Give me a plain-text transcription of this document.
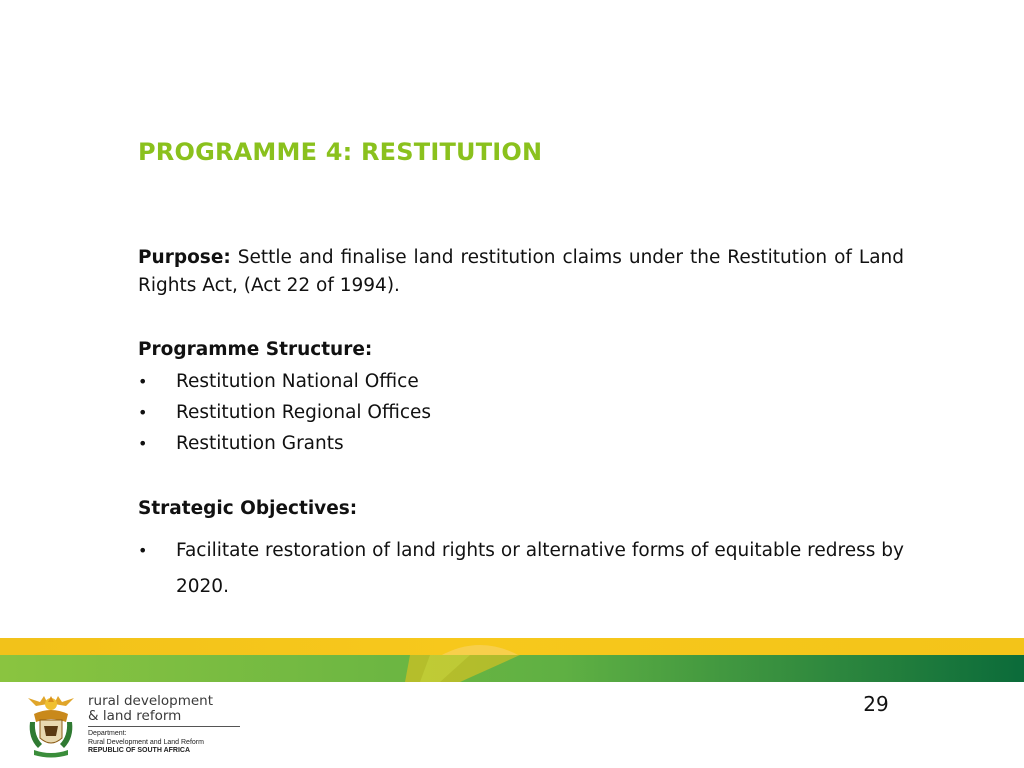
PROGRAMME 4: RESTITUTION

Purpose: Settle and finalise land restitution claims under the Restitution of Land Rights Act, (Act 22 of 1994).

Programme Structure:

• Restitution National Office
• Restitution Regional Offices
• Restitution Grants

Strategic Objectives:

• Facilitate restoration of land rights or alternative forms of equitable redress by 2020.
29
rural development
& land reform
Department:
Rural Development and Land Reform
REPUBLIC OF SOUTH AFRICA
